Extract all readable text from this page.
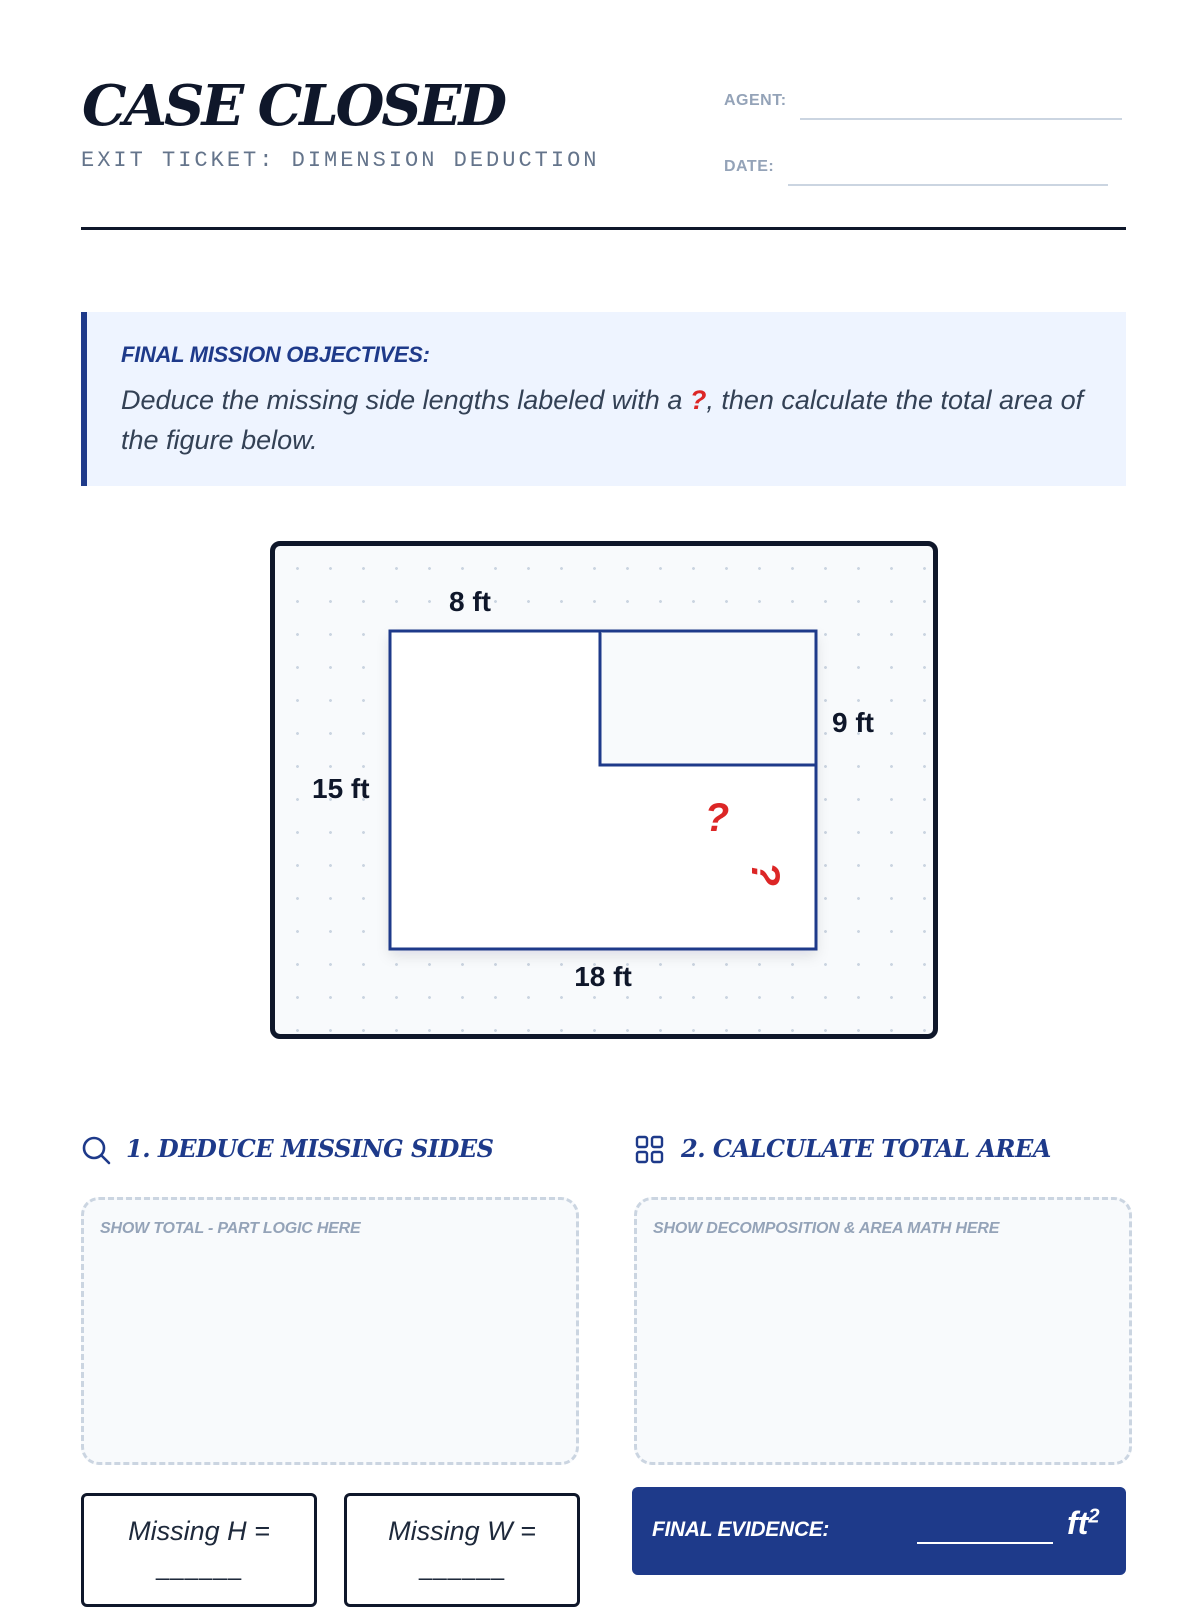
CASE CLOSED
EXIT TICKET: DIMENSION DEDUCTION
AGENT:
DATE:
FINAL MISSION OBJECTIVES:
Deduce the missing side lengths labeled with a ?, then calculate the total area of the figure below.
8 ft
9 ft
15 ft
18 ft
?
?
1. DEDUCE MISSING SIDES
SHOW TOTAL - PART LOGIC HERE
Missing H =
______
Missing W =
______
2. CALCULATE TOTAL AREA
SHOW DECOMPOSITION & AREA MATH HERE
FINAL EVIDENCE:	$ft^2$
